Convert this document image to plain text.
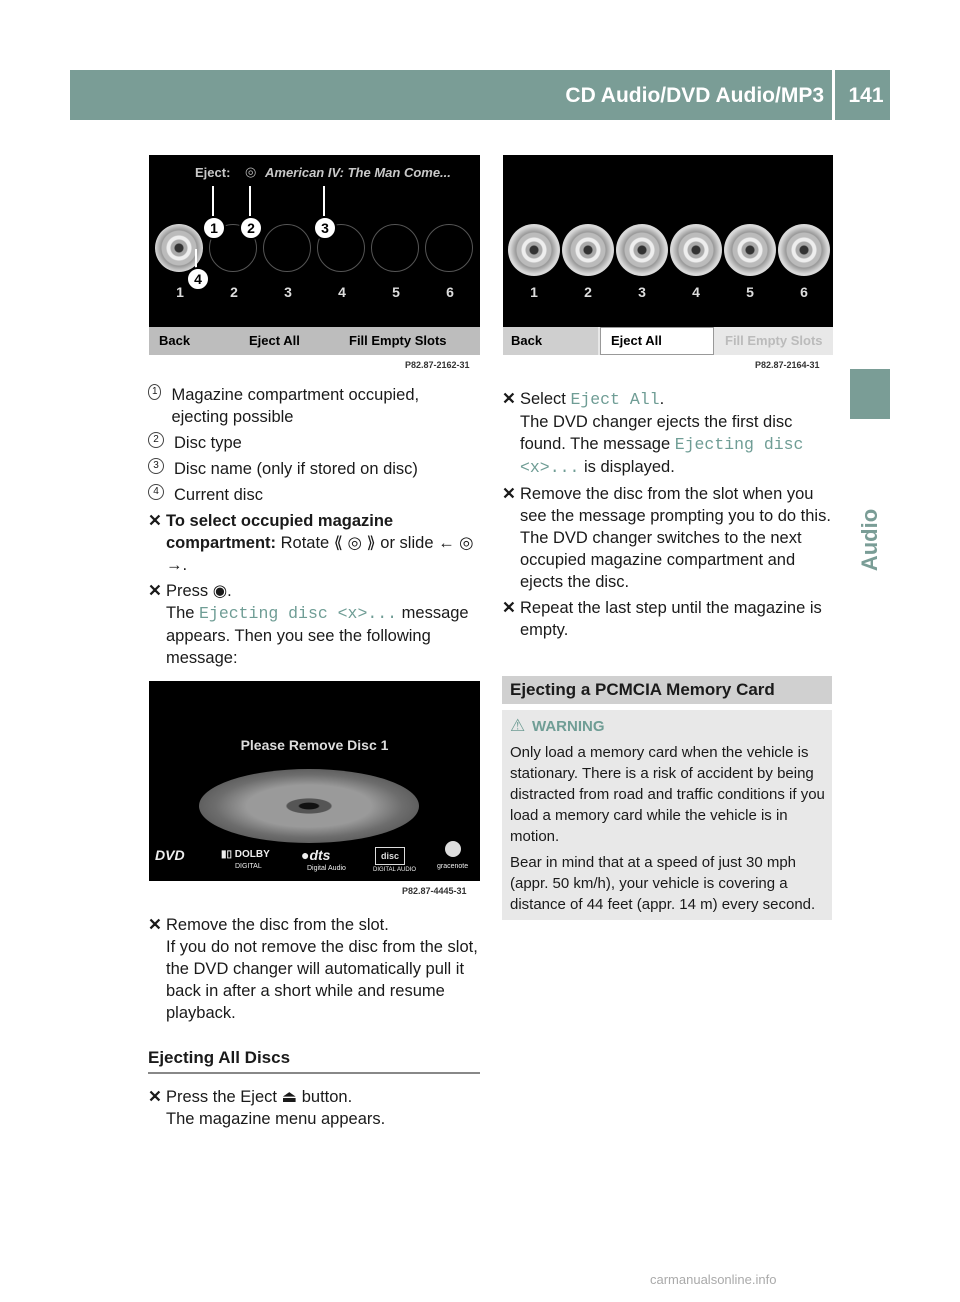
CD Audio/DVD Audio/MP3	141
Audio
Eject: ◎ American IV: The Man Come...
1	2	3	4	5	6
1	2	3
4
Back	Eject All	Fill Empty Slots
P82.87-2162-31
1 Magazine compartment occupied, ejecting possible
2 Disc type
3 Disc name (only if stored on disc)
4 Current disc
✕ To select occupied magazine compartment: Rotate ⟪ ◎ ⟫ or slide ← ◎ →.
✕ Press ◉.
The Ejecting disc <x>... message appears. Then you see the following message:
Please Remove Disc 1
DVD	▮▯ DOLBY
DIGITAL
●dts
Digital Audio
disc
DIGITAL AUDIO	gracenote
P82.87-4445-31
✕ Remove the disc from the slot.
If you do not remove the disc from the slot, the DVD changer will automatically pull it back in after a short while and resume playback.
Ejecting All Discs
✕ Press the Eject ⏏ button.
The magazine menu appears.
1	2	3	4	5	6
Back	Eject All	Fill Empty Slots
P82.87-2164-31
✕ Select Eject All.
The DVD changer ejects the first disc found. The message Ejecting disc <x>... is displayed.
✕ Remove the disc from the slot when you see the message prompting you to do this. The DVD changer switches to the next occupied magazine compartment and ejects the disc.
✕ Repeat the last step until the magazine is empty.
Ejecting a PCMCIA Memory Card
⚠ WARNING
Only load a memory card when the vehicle is stationary. There is a risk of accident by being distracted from road and traffic conditions if you load a memory card while the vehicle is in motion.
Bear in mind that at a speed of just 30 mph (appr. 50 km/h), your vehicle is covering a distance of 44 feet (appr. 14 m) every second.
carmanualsonline.info
